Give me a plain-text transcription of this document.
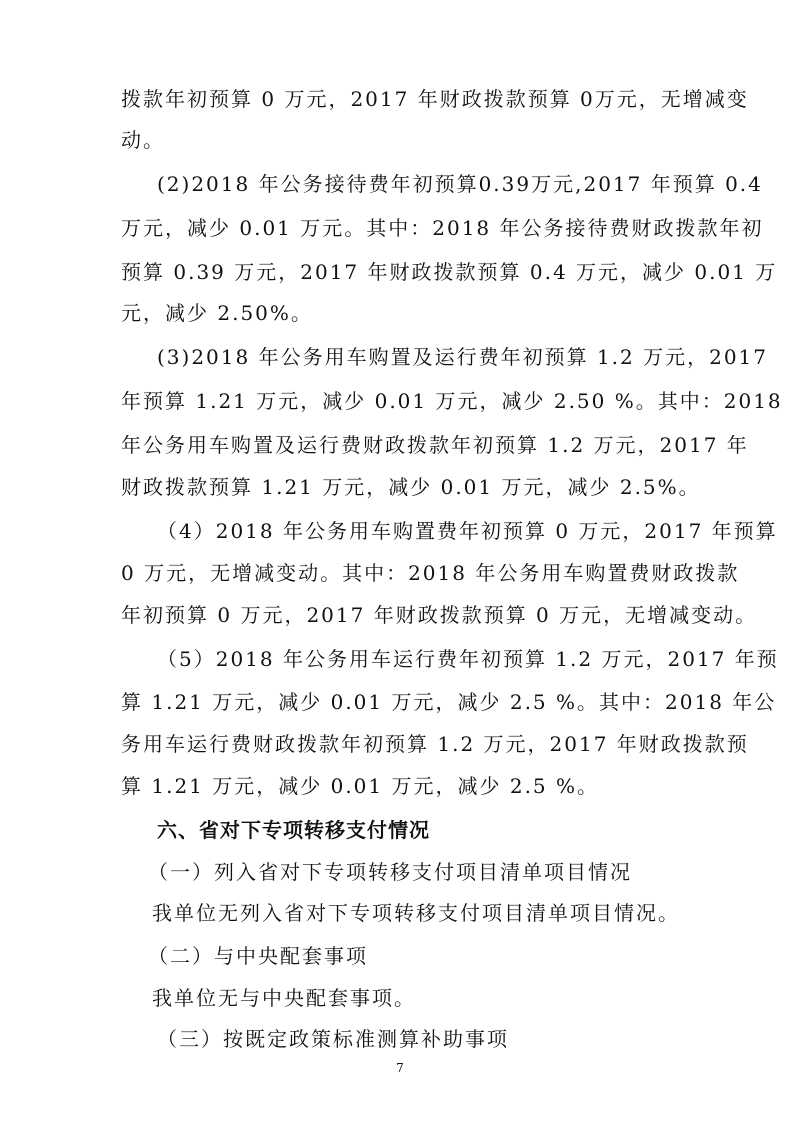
拨款年初预算 0 万元，2017 年财政拨款预算 0万元，无增减变
动。
(2)2018 年公务接待费年初预算0.39万元,2017 年预算 0.4
万元，减少 0.01 万元。其中：2018 年公务接待费财政拨款年初
预算 0.39 万元，2017 年财政拨款预算 0.4 万元，减少 0.01 万
元，减少 2.50%。
(3)2018 年公务用车购置及运行费年初预算 1.2 万元，2017
年预算 1.21 万元，减少 0.01 万元，减少 2.50 %。其中：2018
年公务用车购置及运行费财政拨款年初预算 1.2 万元，2017 年
财政拨款预算 1.21 万元，减少 0.01 万元，减少 2.5%。
（4）2018 年公务用车购置费年初预算 0 万元，2017 年预算
0 万元，无增减变动。其中：2018 年公务用车购置费财政拨款
年初预算 0 万元，2017 年财政拨款预算 0 万元，无增减变动。
（5）2018 年公务用车运行费年初预算 1.2 万元，2017 年预
算 1.21 万元，减少 0.01 万元，减少 2.5 %。其中：2018 年公
务用车运行费财政拨款年初预算 1.2 万元，2017 年财政拨款预
算 1.21 万元，减少 0.01 万元，减少 2.5 %。
六、省对下专项转移支付情况
（一）列入省对下专项转移支付项目清单项目情况
我单位无列入省对下专项转移支付项目清单项目情况。
（二）与中央配套事项
我单位无与中央配套事项。
（三）按既定政策标准测算补助事项
7
